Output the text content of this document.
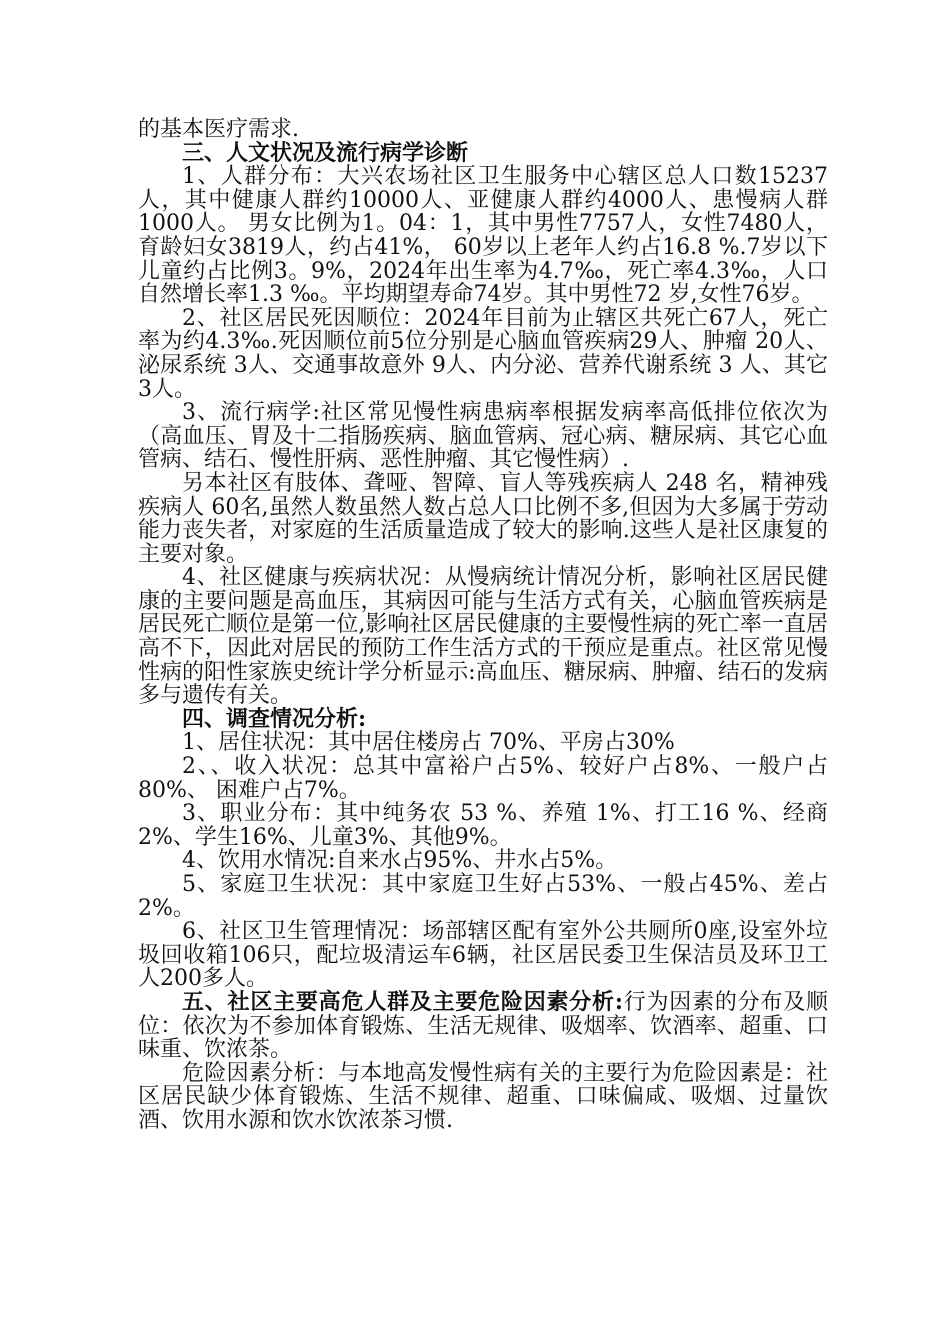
的基本医疗需求.

三、人文状况及流行病学诊断

1、人群分布：大兴农场社区卫生服务中心辖区总人口数15237人，其中健康人群约10000人、亚健康人群约4000人、患慢病人群1000人。 男女比例为1。04：1，其中男性7757人，女性7480人，育龄妇女3819人，约占41%， 60岁以上老年人约占16.8 %.7岁以下儿童约占比例3。9%，2024年出生率为4.7‰，死亡率4.3‰，人口自然增长率1.3 ‰。平均期望寿命74岁。其中男性72 岁,女性76岁。

2、社区居民死因顺位：2024年目前为止辖区共死亡67人，死亡率为约4.3‰.死因顺位前5位分别是心脑血管疾病29人、肿瘤 20人、泌尿系统 3人、交通事故意外 9人、内分泌、营养代谢系统 3 人、其它3人。

3、流行病学:社区常见慢性病患病率根据发病率高低排位依次为（高血压、胃及十二指肠疾病、脑血管病、冠心病、糖尿病、其它心血管病、结石、慢性肝病、恶性肿瘤、其它慢性病）.

另本社区有肢体、聋哑、智障、盲人等残疾病人 248 名，精神残疾病人 60名,虽然人数虽然人数占总人口比例不多,但因为大多属于劳动能力丧失者，对家庭的生活质量造成了较大的影响.这些人是社区康复的主要对象。

4、社区健康与疾病状况：从慢病统计情况分析，影响社区居民健康的主要问题是高血压，其病因可能与生活方式有关，心脑血管疾病是居民死亡顺位是第一位,影响社区居民健康的主要慢性病的死亡率一直居高不下，因此对居民的预防工作生活方式的干预应是重点。社区常见慢性病的阳性家族史统计学分析显示:高血压、糖尿病、肿瘤、结石的发病多与遗传有关。

四、调查情况分析:

1、居住状况：其中居住楼房占 70%、平房占30%

2、、收入状况：总其中富裕户占5%、较好户占8%、一般户占80%、 困难户占7%。

3、职业分布：其中纯务农 53 %、养殖 1%、打工16 %、经商 2%、学生16%、儿童3%、其他9%。

4、饮用水情况:自来水占95%、井水占5%。

5、家庭卫生状况：其中家庭卫生好占53%、一般占45%、差占2%。

6、社区卫生管理情况：场部辖区配有室外公共厕所0座,设室外垃圾回收箱106只，配垃圾清运车6辆，社区居民委卫生保洁员及环卫工人200多人。

五、社区主要高危人群及主要危险因素分析:行为因素的分布及顺位：依次为不参加体育锻炼、生活无规律、吸烟率、饮酒率、超重、口味重、饮浓茶。

危险因素分析：与本地高发慢性病有关的主要行为危险因素是：社区居民缺少体育锻炼、生活不规律、超重、口味偏咸、吸烟、过量饮酒、饮用水源和饮水饮浓茶习惯.
